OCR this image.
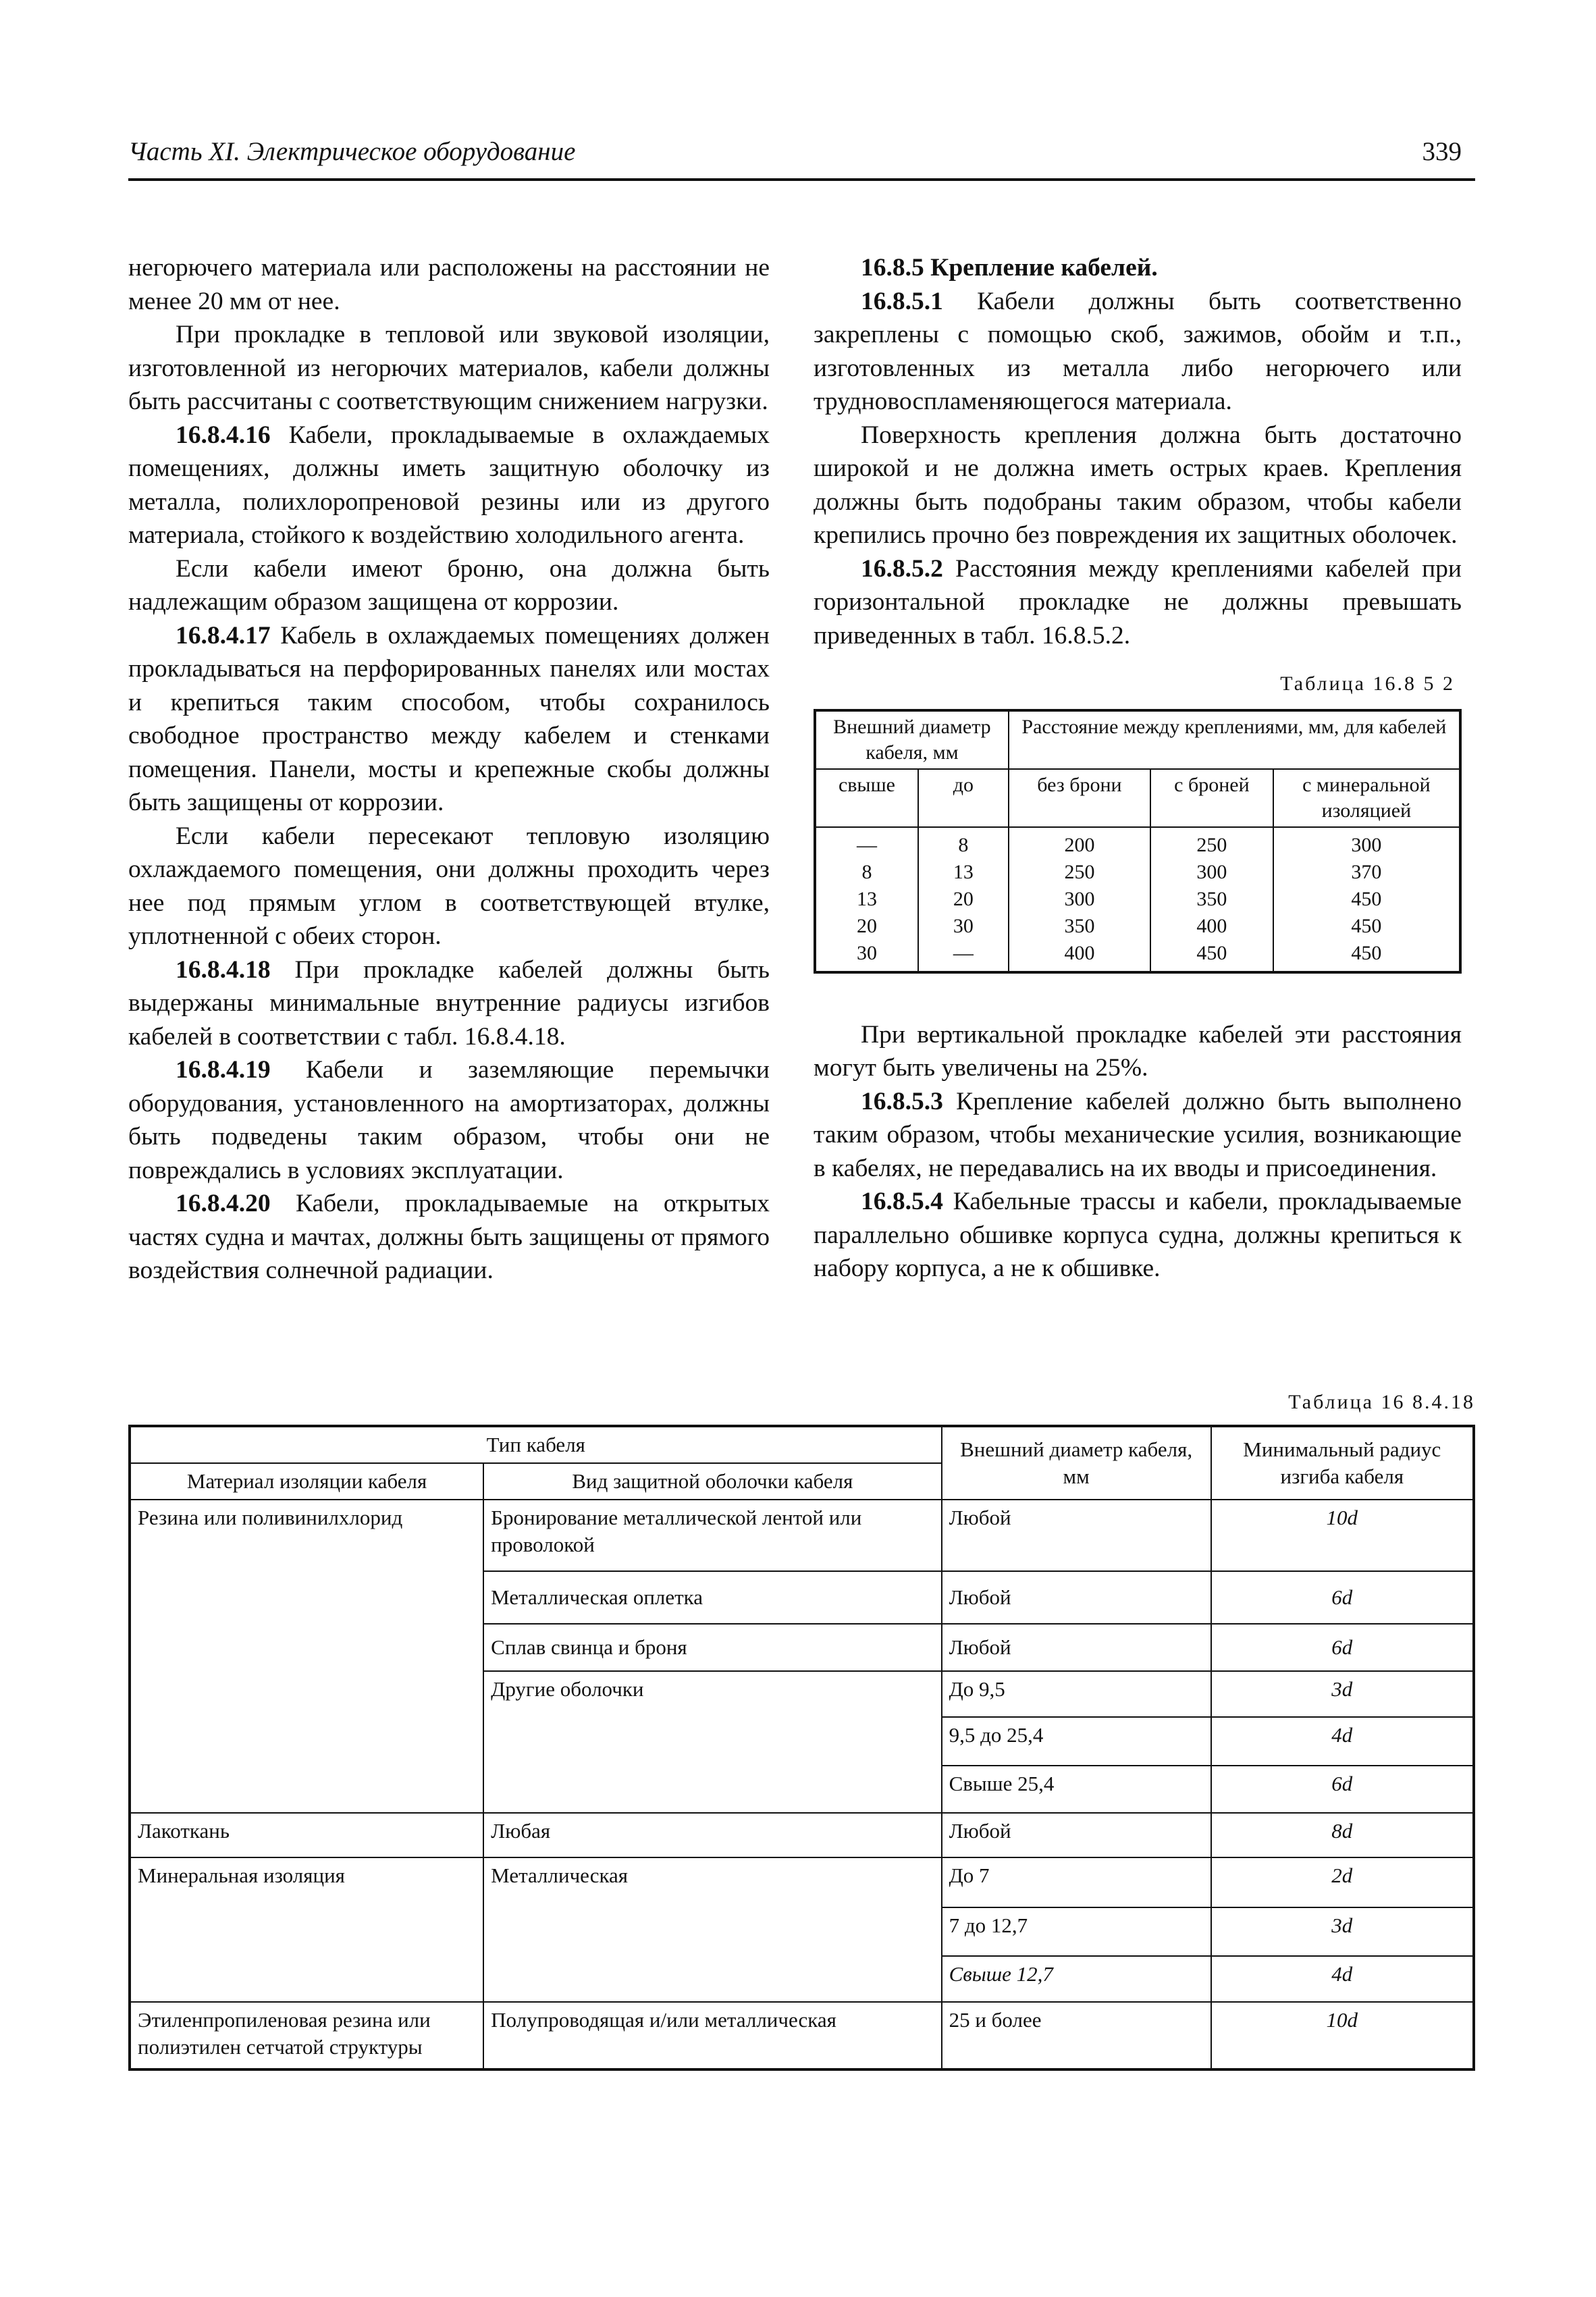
Часть XI. Электрическое оборудование	339

негорючего материала или расположены на расстоянии не менее 20 мм от нее.

При прокладке в тепловой или звуковой изоляции, изготовленной из негорючих материалов, кабели должны быть рассчитаны с соответствующим снижением нагрузки.

16.8.4.16 Кабели, прокладываемые в охлаждаемых помещениях, должны иметь защитную оболочку из металла, полихлоропреновой резины или из другого материала, стойкого к воздействию холодильного агента.

Если кабели имеют броню, она должна быть надлежащим образом защищена от коррозии.

16.8.4.17 Кабель в охлаждаемых помещениях должен прокладываться на перфорированных панелях или мостах и крепиться таким способом, чтобы сохранилось свободное пространство между кабелем и стенками помещения. Панели, мосты и крепежные скобы должны быть защищены от коррозии.

Если кабели пересекают тепловую изоляцию охлаждаемого помещения, они должны проходить через нее под прямым углом в соответствующей втулке, уплотненной с обеих сторон.

16.8.4.18 При прокладке кабелей должны быть выдержаны минимальные внутренние радиусы изгибов кабелей в соответствии с табл. 16.8.4.18.

16.8.4.19 Кабели и заземляющие перемычки оборудования, установленного на амортизаторах, должны быть подведены таким образом, чтобы они не повреждались в условиях эксплуатации.

16.8.4.20 Кабели, прокладываемые на открытых частях судна и мачтах, должны быть защищены от прямого воздействия солнечной радиации.

16.8.5 Крепление кабелей.

16.8.5.1 Кабели должны быть соответственно закреплены с помощью скоб, зажимов, обойм и т.п., изготовленных из металла либо негорючего или трудновоспламеняющегося материала.

Поверхность крепления должна быть достаточно широкой и не должна иметь острых краев. Крепления должны быть подобраны таким образом, чтобы кабели крепились прочно без повреждения их защитных оболочек.

16.8.5.2 Расстояния между креплениями кабелей при горизонтальной прокладке не должны превышать приведенных в табл. 16.8.5.2.

Таблица 16.8 5 2
Внешний диаметр кабеля, мм		Расстояние между креплениями, мм, для кабелей		
свыше	до	без брони	с броней	с минеральной изоляцией
—	8	200	250	300
8	13	250	300	370
13	20	300	350	450
20	30	350	400	450
30	—	400	450	450

При вертикальной прокладке кабелей эти расстояния могут быть увеличены на 25%.

16.8.5.3 Крепление кабелей должно быть выполнено таким образом, чтобы механические усилия, возникающие в кабелях, не передавались на их вводы и присоединения.

16.8.5.4 Кабельные трассы и кабели, прокладываемые параллельно обшивке корпуса судна, должны крепиться к набору корпуса, а не к обшивке.

Таблица 16 8.4.18
Тип кабеля		Внешний диаметр кабеля, мм	Минимальный радиус изгиба кабеля
Материал изоляции кабеля	Вид защитной оболочки кабеля		
Резина или поливинилхлорид	Бронирование металлической лентой или проволокой	Любой	10d
	Металлическая оплетка	Любой	6d
	Сплав свинца и броня	Любой	6d
	Другие оболочки	До 9,5	3d
		9,5 до 25,4	4d
		Свыше 25,4	6d
Лакоткань	Любая	Любой	8d
Минеральная изоляция	Металлическая	До 7	2d
		7 до 12,7	3d
		Свыше 12,7	4d
Этиленпропиленовая резина или полиэтилен сетчатой структуры	Полупроводящая и/или металлическая	25 и более	10d
